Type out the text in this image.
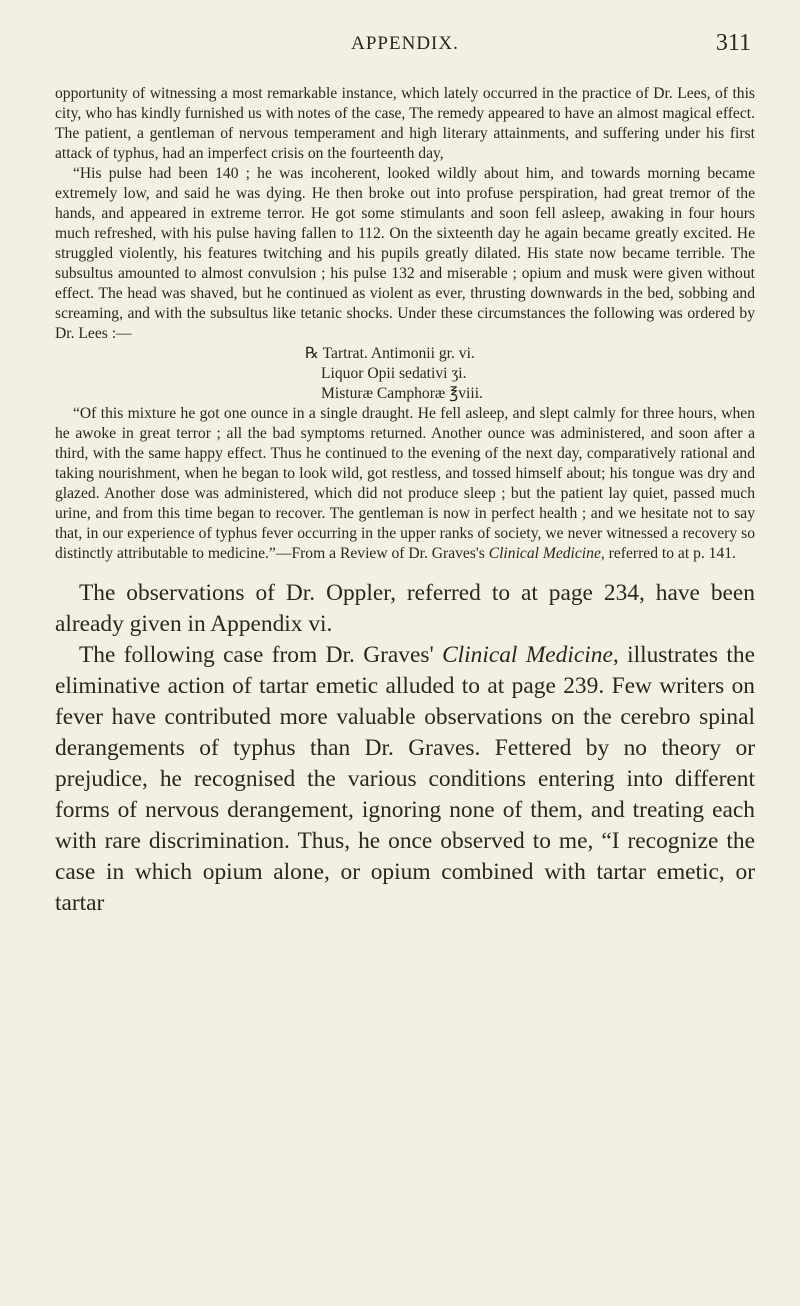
APPENDIX.	311

opportunity of witnessing a most remarkable instance, which lately occurred in the practice of Dr. Lees, of this city, who has kindly furnished us with notes of the case, The remedy appeared to have an almost magical effect. The patient, a gentleman of nervous temperament and high literary attainments, and suffering under his first attack of typhus, had an imperfect crisis on the fourteenth day,

“His pulse had been 140 ; he was incoherent, looked wildly about him, and towards morning became extremely low, and said he was dying. He then broke out into profuse perspiration, had great tremor of the hands, and appeared in extreme terror. He got some stimulants and soon fell asleep, awaking in four hours much refreshed, with his pulse having fallen to 112. On the sixteenth day he again became greatly excited. He struggled violently, his features twitching and his pupils greatly dilated. His state now became terrible. The subsultus amounted to almost convulsion ; his pulse 132 and miserable ; opium and musk were given without effect. The head was shaved, but he continued as violent as ever, thrusting downwards in the bed, sobbing and screaming, and with the subsultus like tetanic shocks. Under these circumstances the following was ordered by Dr. Lees :—

℞ Tartrat. Antimonii gr. vi.
Liquor Opii sedativi ʒi.
Misturæ Camphoræ ℥viii.

“Of this mixture he got one ounce in a single draught. He fell asleep, and slept calmly for three hours, when he awoke in great terror ; all the bad symptoms returned. Another ounce was administered, and soon after a third, with the same happy effect. Thus he continued to the evening of the next day, comparatively rational and taking nourishment, when he began to look wild, got restless, and tossed himself about; his tongue was dry and glazed. Another dose was administered, which did not produce sleep ; but the patient lay quiet, passed much urine, and from this time began to recover. The gentleman is now in perfect health ; and we hesitate not to say that, in our experience of typhus fever occurring in the upper ranks of society, we never witnessed a recovery so distinctly attributable to medicine.”—From a Review of Dr. Graves's Clinical Medicine, referred to at p. 141.

The observations of Dr. Oppler, referred to at page 234, have been already given in Appendix vi.

The following case from Dr. Graves' Clinical Medicine, illustrates the eliminative action of tartar emetic alluded to at page 239. Few writers on fever have contributed more valuable observations on the cerebro spinal derangements of typhus than Dr. Graves. Fettered by no theory or prejudice, he recognised the various conditions entering into different forms of nervous derangement, ignoring none of them, and treating each with rare discrimination. Thus, he once observed to me, “I recognize the case in which opium alone, or opium combined with tartar emetic, or tartar
